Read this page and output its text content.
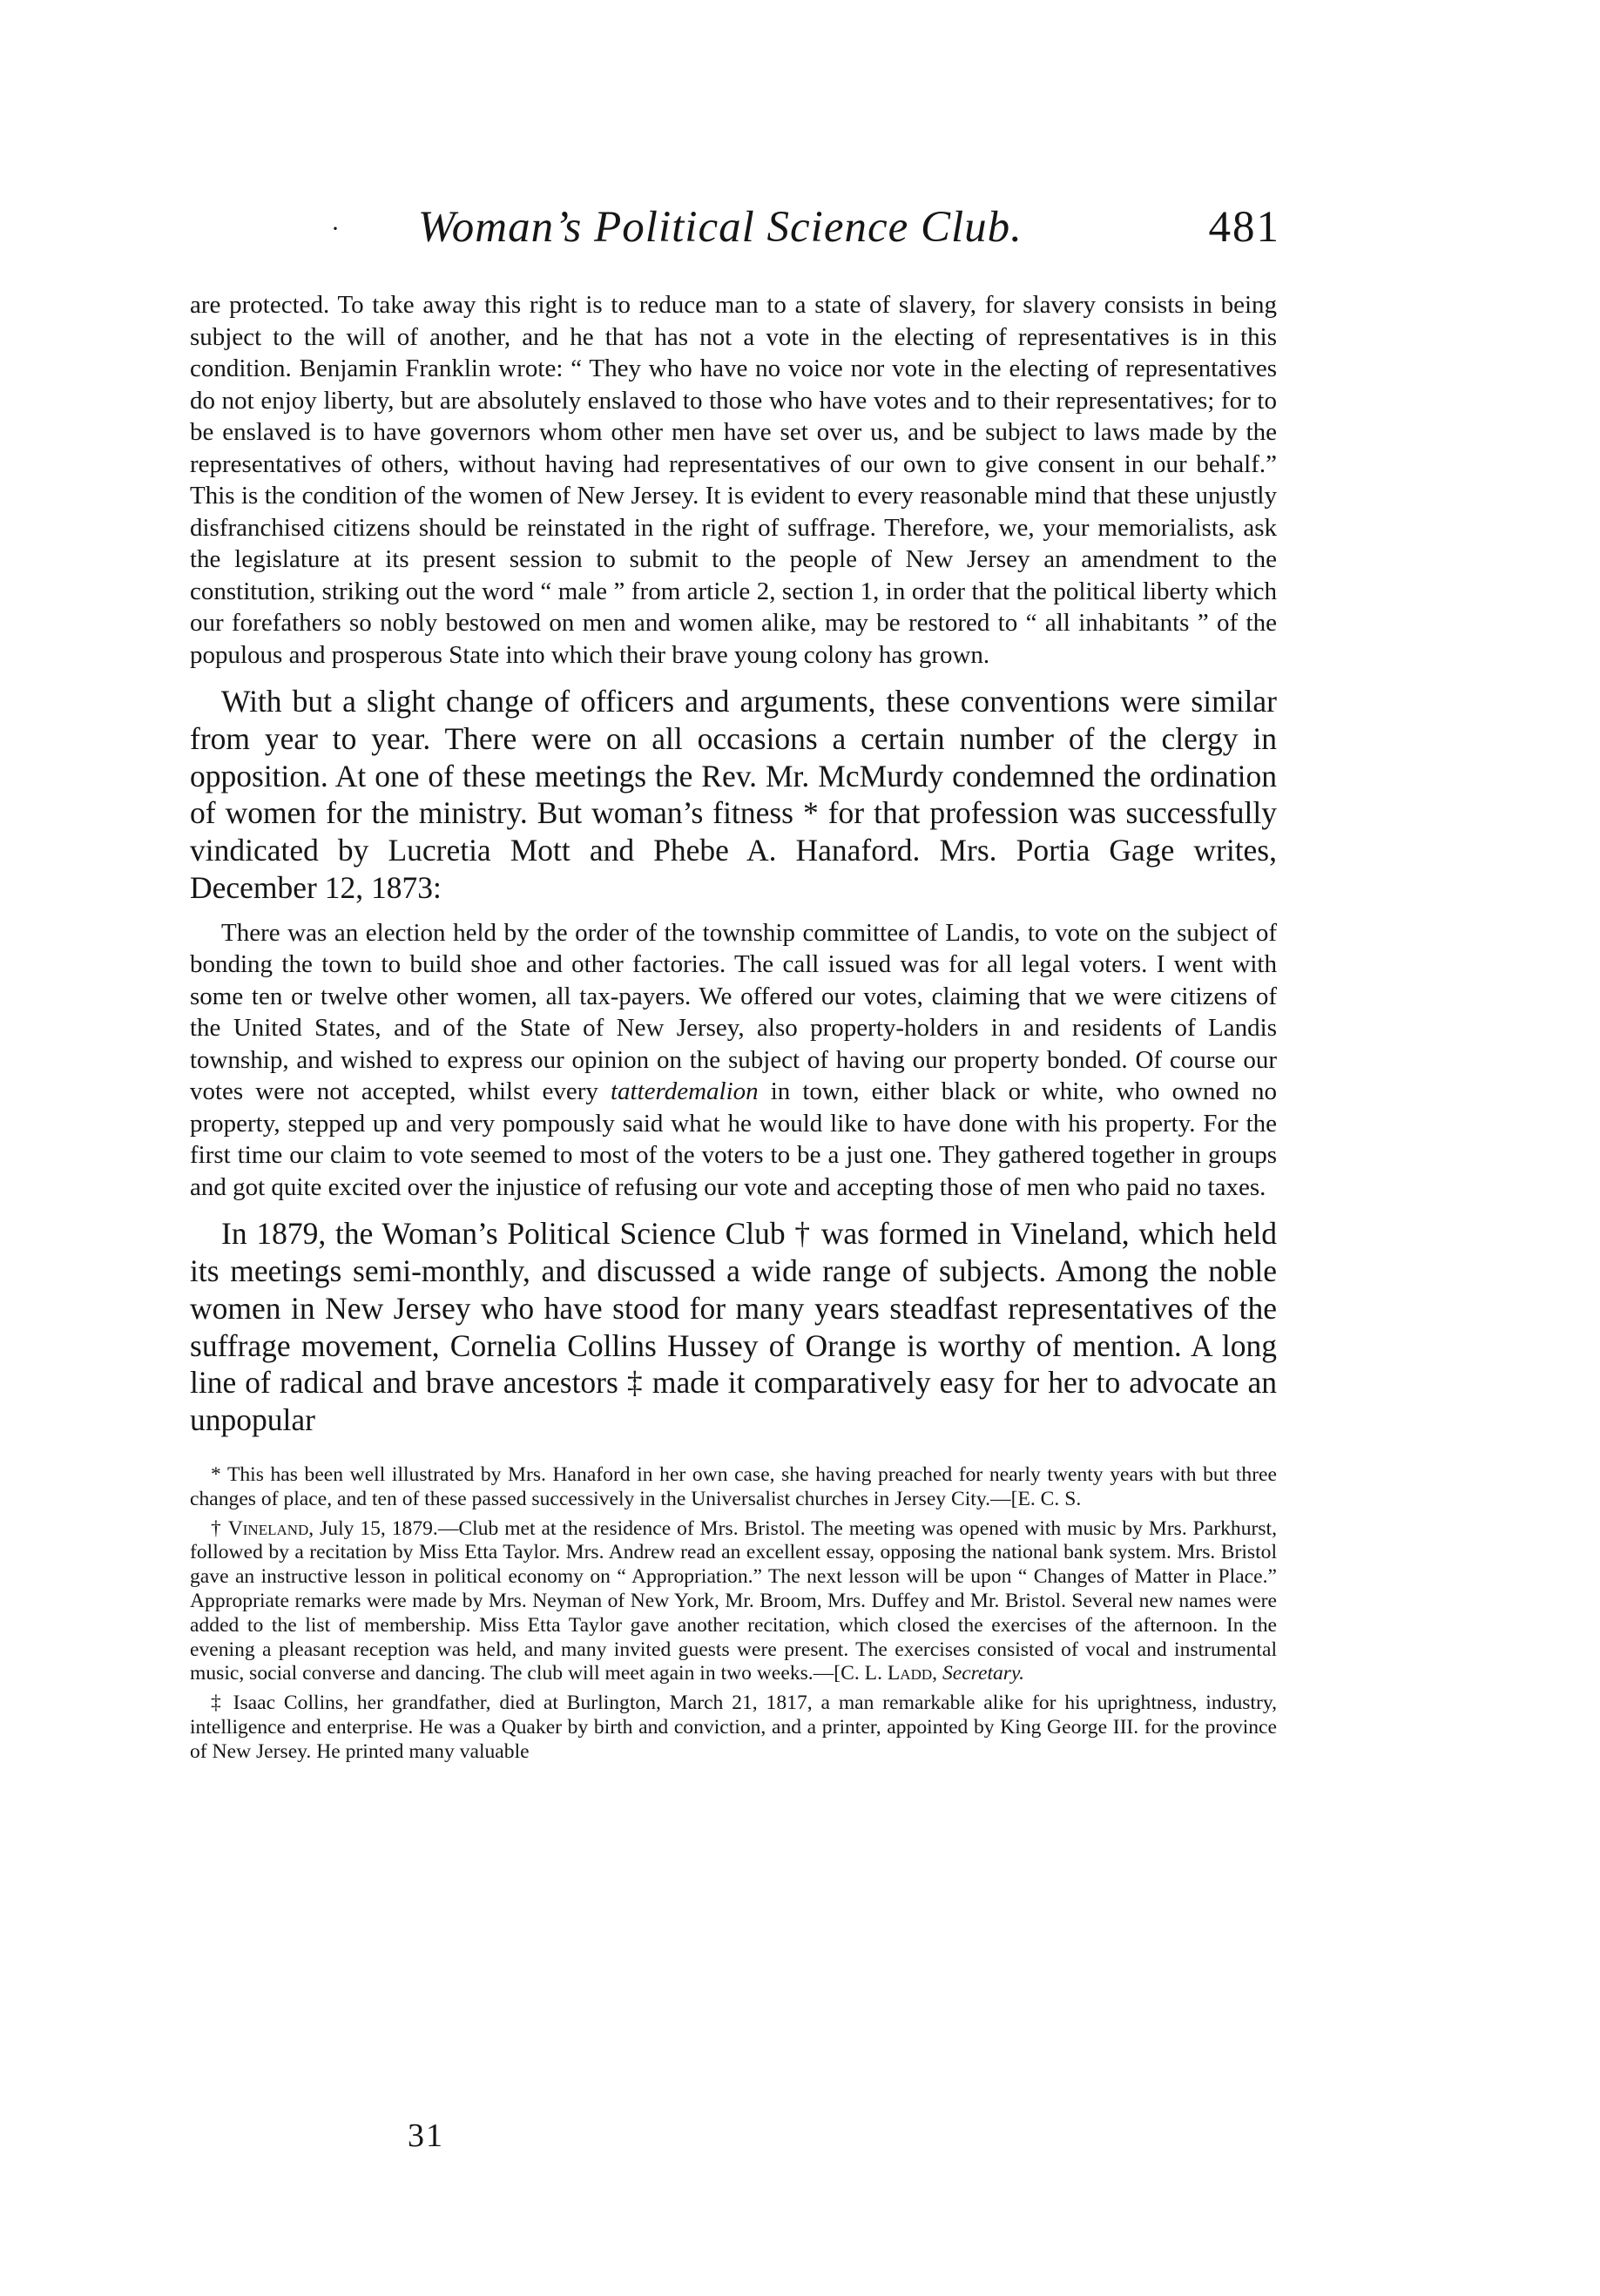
· Woman’s Political Science Club.	481

are protected. To take away this right is to reduce man to a state of slavery, for slavery consists in being subject to the will of another, and he that has not a vote in the electing of representatives is in this condition. Benjamin Franklin wrote: “ They who have no voice nor vote in the electing of representatives do not enjoy liberty, but are absolutely enslaved to those who have votes and to their representatives; for to be enslaved is to have governors whom other men have set over us, and be subject to laws made by the representatives of others, without having had representatives of our own to give consent in our behalf.” This is the condition of the women of New Jersey. It is evident to every reasonable mind that these unjustly disfranchised citizens should be reinstated in the right of suffrage. Therefore, we, your memorialists, ask the legislature at its present session to submit to the people of New Jersey an amendment to the constitution, striking out the word “ male ” from article 2, section 1, in order that the political liberty which our forefathers so nobly bestowed on men and women alike, may be restored to “ all inhabitants ” of the populous and prosperous State into which their brave young colony has grown.

With but a slight change of officers and arguments, these conventions were similar from year to year. There were on all occasions a certain number of the clergy in opposition. At one of these meetings the Rev. Mr. McMurdy condemned the ordination of women for the ministry. But woman’s fitness * for that profession was successfully vindicated by Lucretia Mott and Phebe A. Hanaford. Mrs. Portia Gage writes, December 12, 1873:

There was an election held by the order of the township committee of Landis, to vote on the subject of bonding the town to build shoe and other factories. The call issued was for all legal voters. I went with some ten or twelve other women, all tax-payers. We offered our votes, claiming that we were citizens of the United States, and of the State of New Jersey, also property-holders in and residents of Landis township, and wished to express our opinion on the subject of having our property bonded. Of course our votes were not accepted, whilst every tatterdemalion in town, either black or white, who owned no property, stepped up and very pompously said what he would like to have done with his property. For the first time our claim to vote seemed to most of the voters to be a just one. They gathered together in groups and got quite excited over the injustice of refusing our vote and accepting those of men who paid no taxes.

In 1879, the Woman’s Political Science Club † was formed in Vineland, which held its meetings semi-monthly, and discussed a wide range of subjects. Among the noble women in New Jersey who have stood for many years steadfast representatives of the suffrage movement, Cornelia Collins Hussey of Orange is worthy of mention. A long line of radical and brave ancestors ‡ made it comparatively easy for her to advocate an unpopular

* This has been well illustrated by Mrs. Hanaford in her own case, she having preached for nearly twenty years with but three changes of place, and ten of these passed successively in the Universalist churches in Jersey City.—[E. C. S.

† Vineland, July 15, 1879.—Club met at the residence of Mrs. Bristol. The meeting was opened with music by Mrs. Parkhurst, followed by a recitation by Miss Etta Taylor. Mrs. Andrew read an excellent essay, opposing the national bank system. Mrs. Bristol gave an instructive lesson in political economy on “ Appropriation.” The next lesson will be upon “ Changes of Matter in Place.” Appropriate remarks were made by Mrs. Neyman of New York, Mr. Broom, Mrs. Duffey and Mr. Bristol. Several new names were added to the list of membership. Miss Etta Taylor gave another recitation, which closed the exercises of the afternoon. In the evening a pleasant reception was held, and many invited guests were present. The exercises consisted of vocal and instrumental music, social converse and dancing. The club will meet again in two weeks.—[C. L. Ladd, Secretary.

‡ Isaac Collins, her grandfather, died at Burlington, March 21, 1817, a man remarkable alike for his uprightness, industry, intelligence and enterprise. He was a Quaker by birth and conviction, and a printer, appointed by King George III. for the province of New Jersey. He printed many valuable

31
